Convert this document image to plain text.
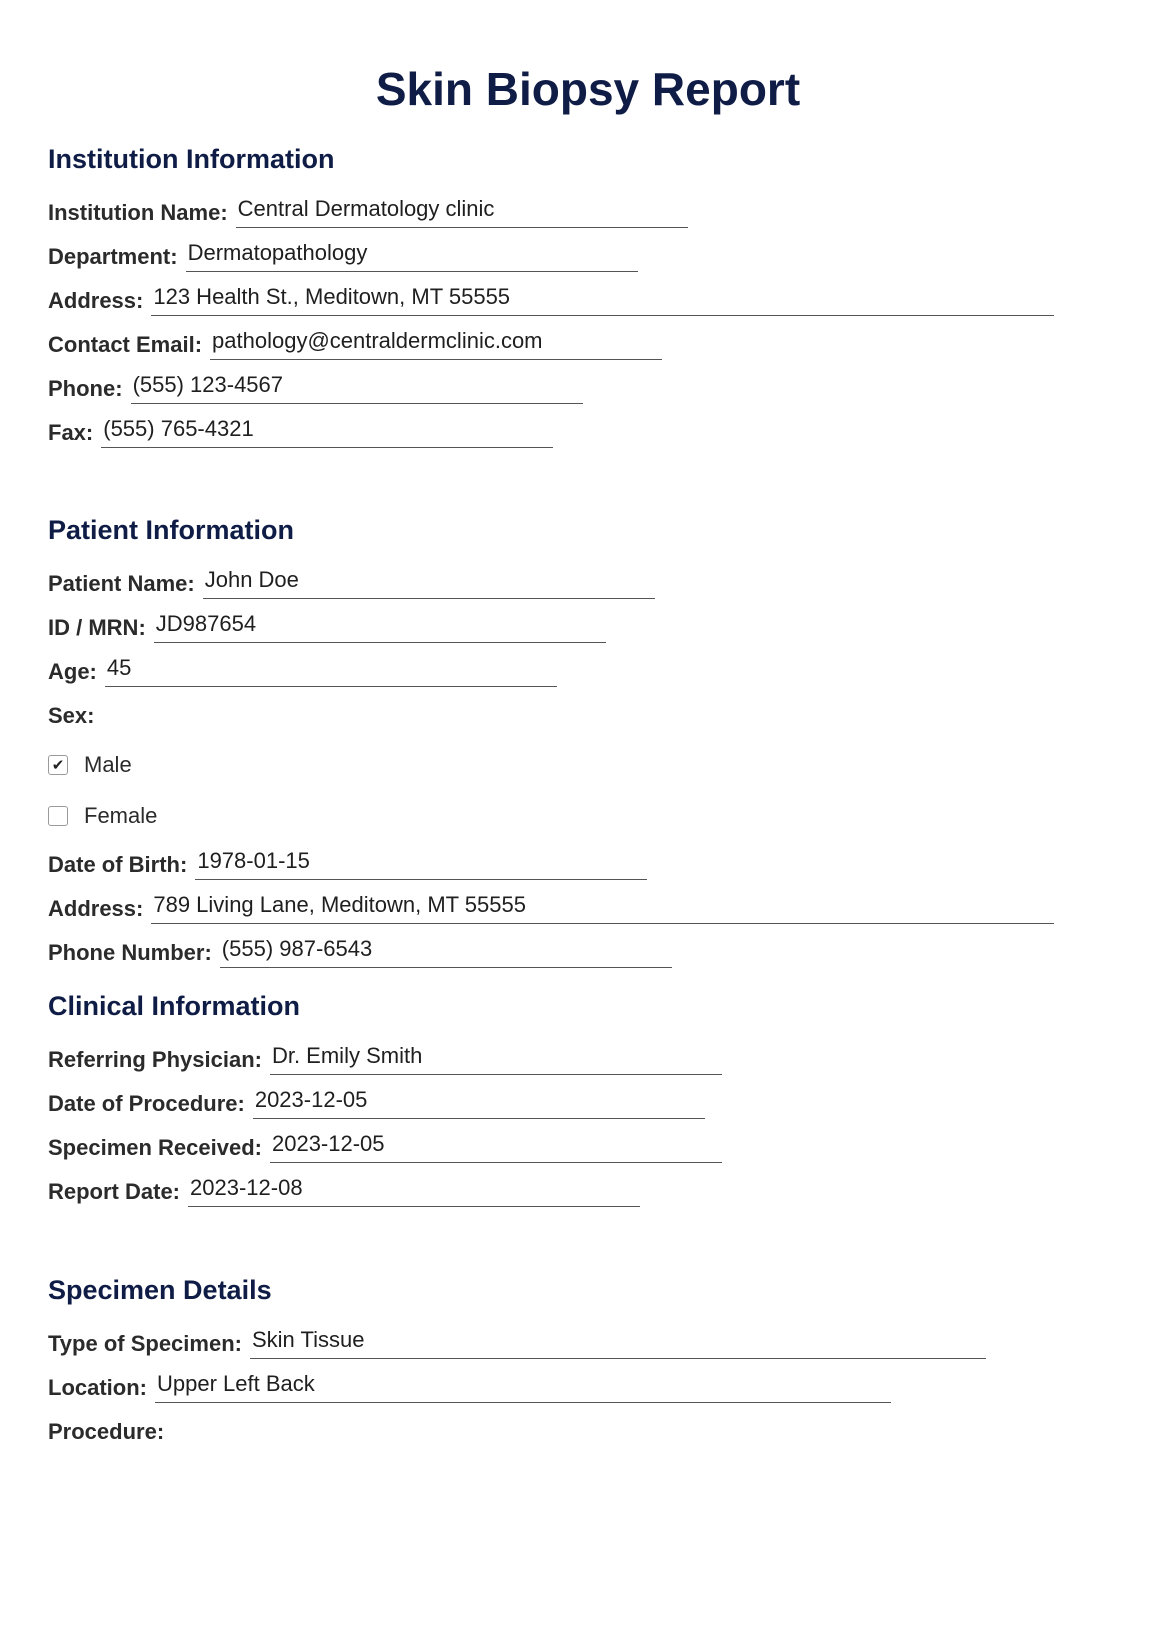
Skin Biopsy Report
Institution Information
Institution Name: Central Dermatology clinic
Department: Dermatopathology
Address: 123 Health St., Meditown, MT 55555
Contact Email: pathology@centraldermclinic.com
Phone: (555) 123-4567
Fax: (555) 765-4321
Patient Information
Patient Name: John Doe
ID / MRN: JD987654
Age: 45
Sex:
✔ Male
Female
Date of Birth: 1978-01-15
Address: 789 Living Lane, Meditown, MT 55555
Phone Number: (555) 987-6543
Clinical Information
Referring Physician: Dr. Emily Smith
Date of Procedure: 2023-12-05
Specimen Received: 2023-12-05
Report Date: 2023-12-08
Specimen Details
Type of Specimen: Skin Tissue
Location: Upper Left Back
Procedure:
